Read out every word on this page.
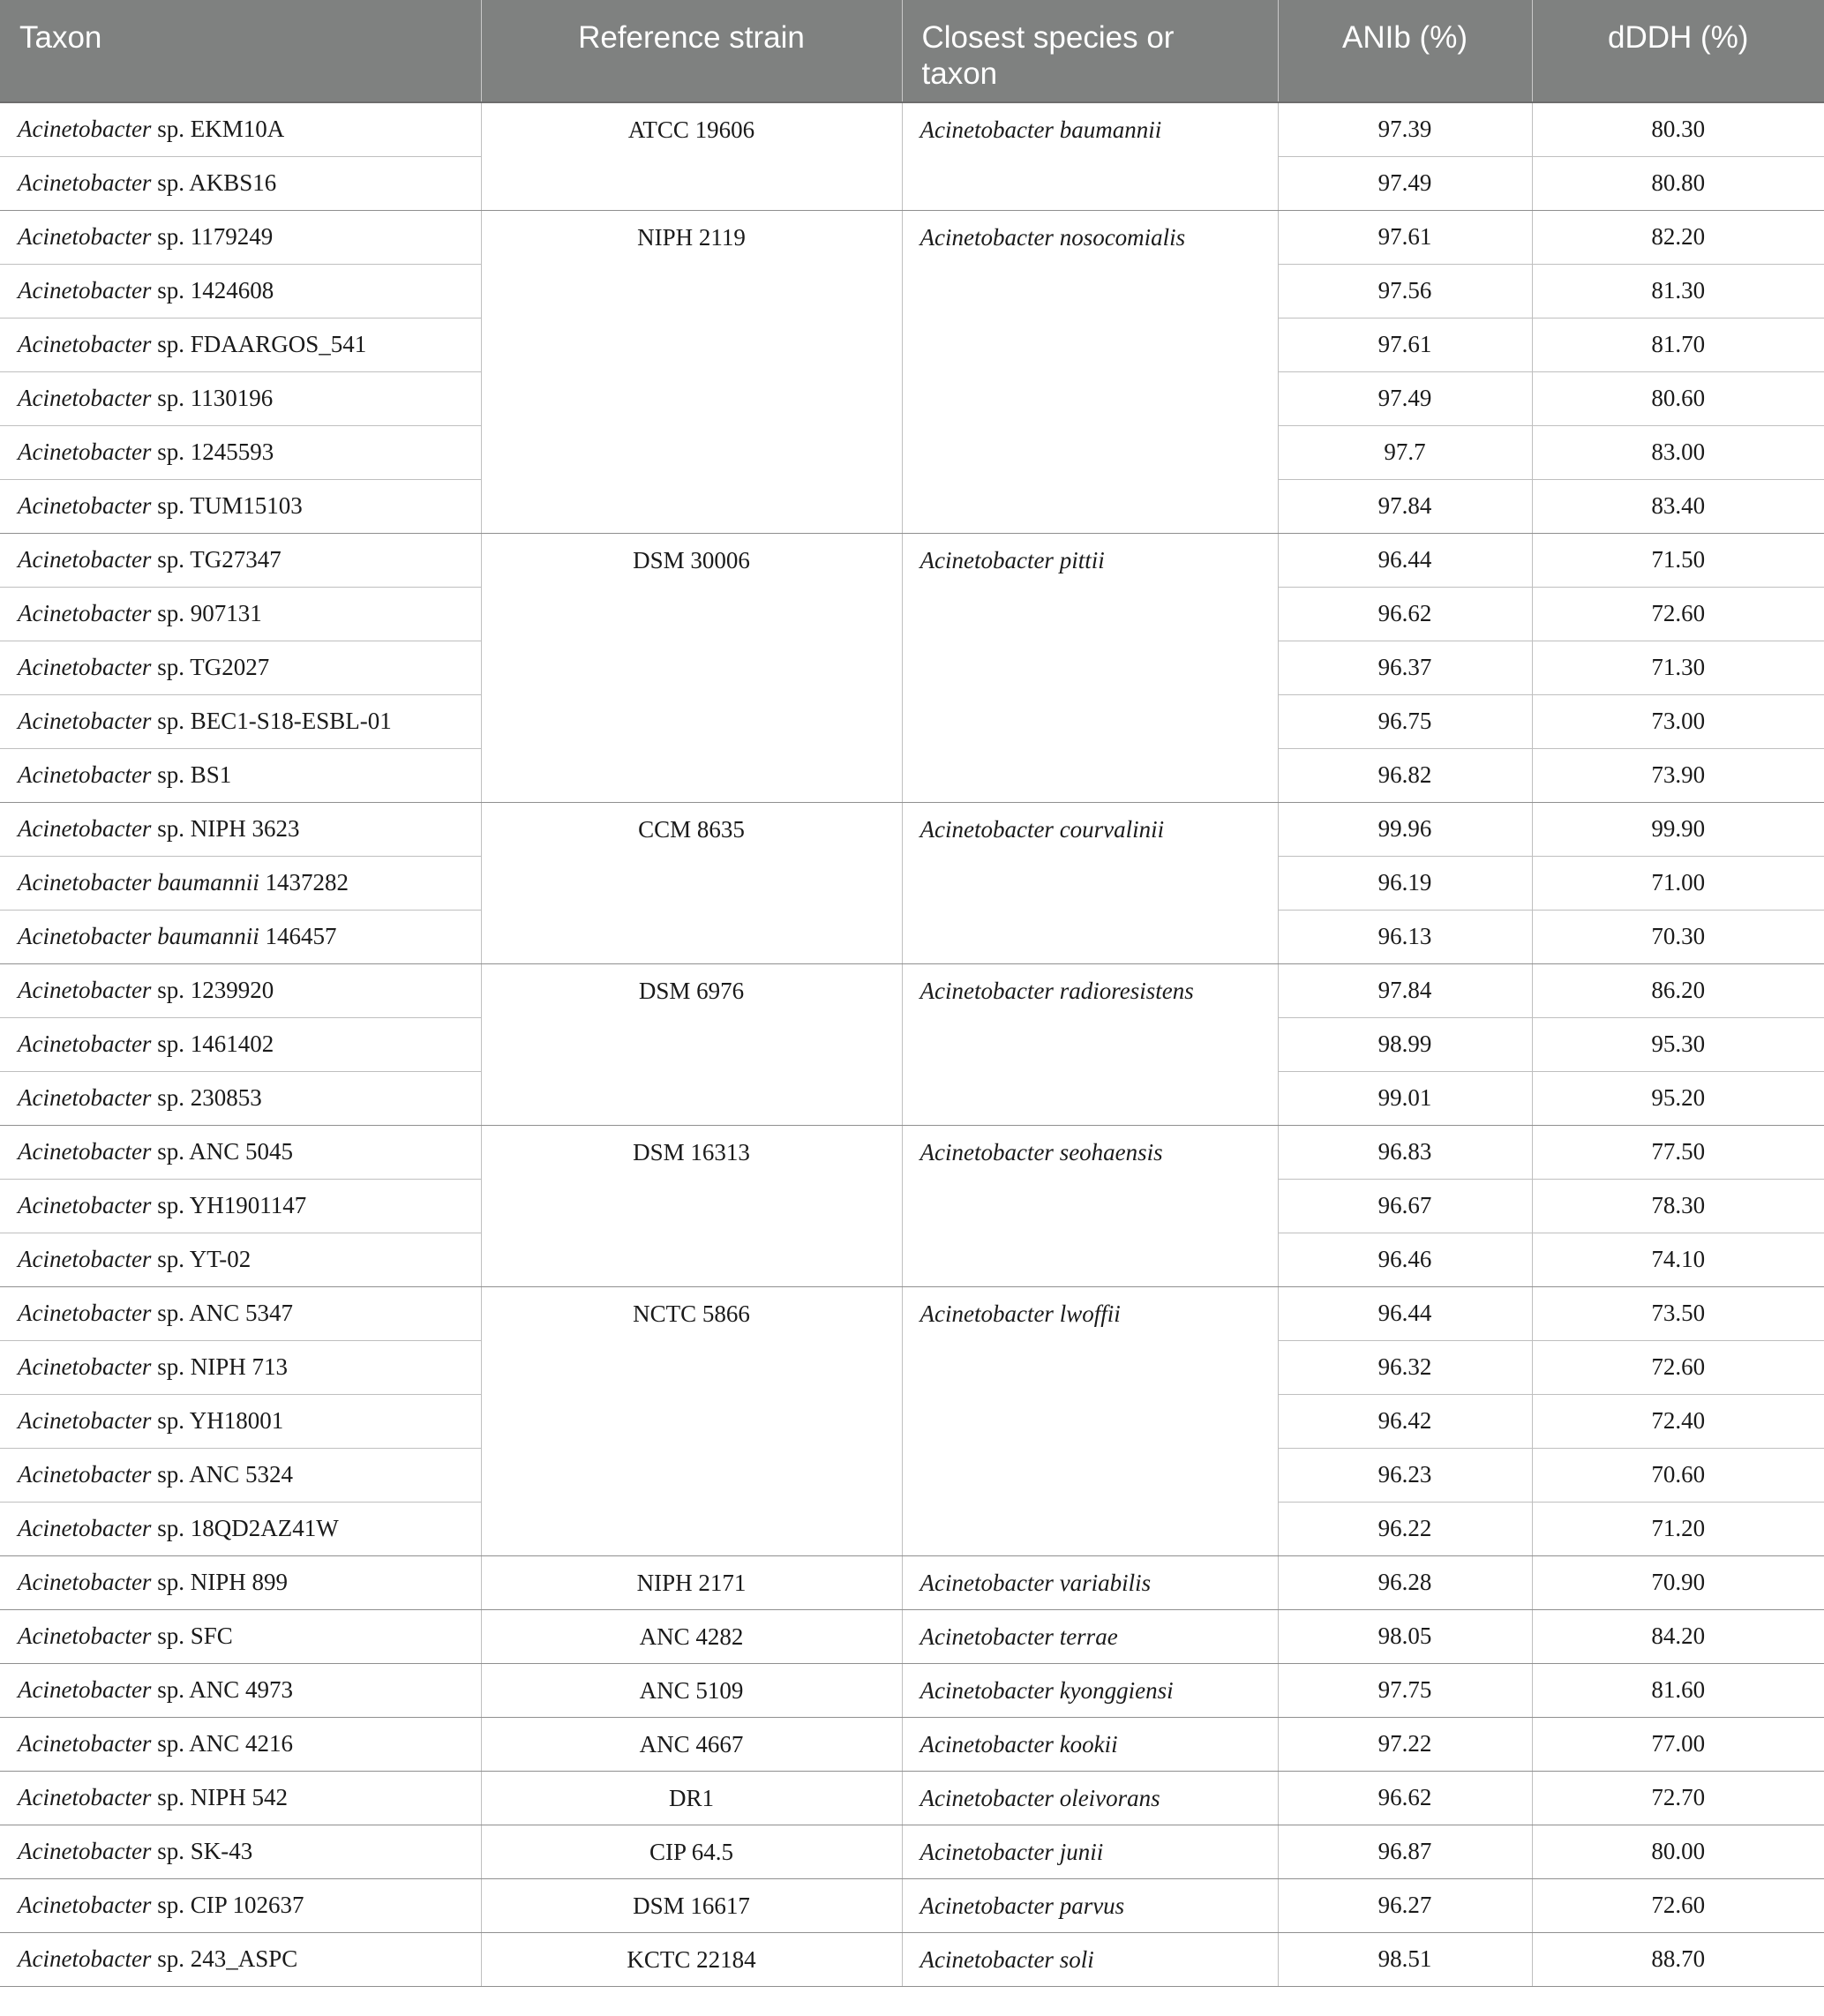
Taxon	Reference strain	Closest species or taxon	ANIb (%)	dDDH (%)
Acinetobacter sp. EKM10A	ATCC 19606	Acinetobacter baumannii	97.39	80.30
Acinetobacter sp. AKBS16			97.49	80.80
Acinetobacter sp. 1179249	NIPH 2119	Acinetobacter nosocomialis	97.61	82.20
Acinetobacter sp. 1424608			97.56	81.30
Acinetobacter sp. FDAARGOS_541			97.61	81.70
Acinetobacter sp. 1130196			97.49	80.60
Acinetobacter sp. 1245593			97.7	83.00
Acinetobacter sp. TUM15103			97.84	83.40
Acinetobacter sp. TG27347	DSM 30006	Acinetobacter pittii	96.44	71.50
Acinetobacter sp. 907131			96.62	72.60
Acinetobacter sp. TG2027			96.37	71.30
Acinetobacter sp. BEC1-S18-ESBL-01			96.75	73.00
Acinetobacter sp. BS1			96.82	73.90
Acinetobacter sp. NIPH 3623	CCM 8635	Acinetobacter courvalinii	99.96	99.90
Acinetobacter baumannii 1437282			96.19	71.00
Acinetobacter baumannii 146457			96.13	70.30
Acinetobacter sp. 1239920	DSM 6976	Acinetobacter radioresistens	97.84	86.20
Acinetobacter sp. 1461402			98.99	95.30
Acinetobacter sp. 230853			99.01	95.20
Acinetobacter sp. ANC 5045	DSM 16313	Acinetobacter seohaensis	96.83	77.50
Acinetobacter sp. YH1901147			96.67	78.30
Acinetobacter sp. YT-02			96.46	74.10
Acinetobacter sp. ANC 5347	NCTC 5866	Acinetobacter lwoffii	96.44	73.50
Acinetobacter sp. NIPH 713			96.32	72.60
Acinetobacter sp. YH18001			96.42	72.40
Acinetobacter sp. ANC 5324			96.23	70.60
Acinetobacter sp. 18QD2AZ41W			96.22	71.20
Acinetobacter sp. NIPH 899	NIPH 2171	Acinetobacter variabilis	96.28	70.90
Acinetobacter sp. SFC	ANC 4282	Acinetobacter terrae	98.05	84.20
Acinetobacter sp. ANC 4973	ANC 5109	Acinetobacter kyonggiensi	97.75	81.60
Acinetobacter sp. ANC 4216	ANC 4667	Acinetobacter kookii	97.22	77.00
Acinetobacter sp. NIPH 542	DR1	Acinetobacter oleivorans	96.62	72.70
Acinetobacter sp. SK-43	CIP 64.5	Acinetobacter junii	96.87	80.00
Acinetobacter sp. CIP 102637	DSM 16617	Acinetobacter parvus	96.27	72.60
Acinetobacter sp. 243_ASPC	KCTC 22184	Acinetobacter soli	98.51	88.70
